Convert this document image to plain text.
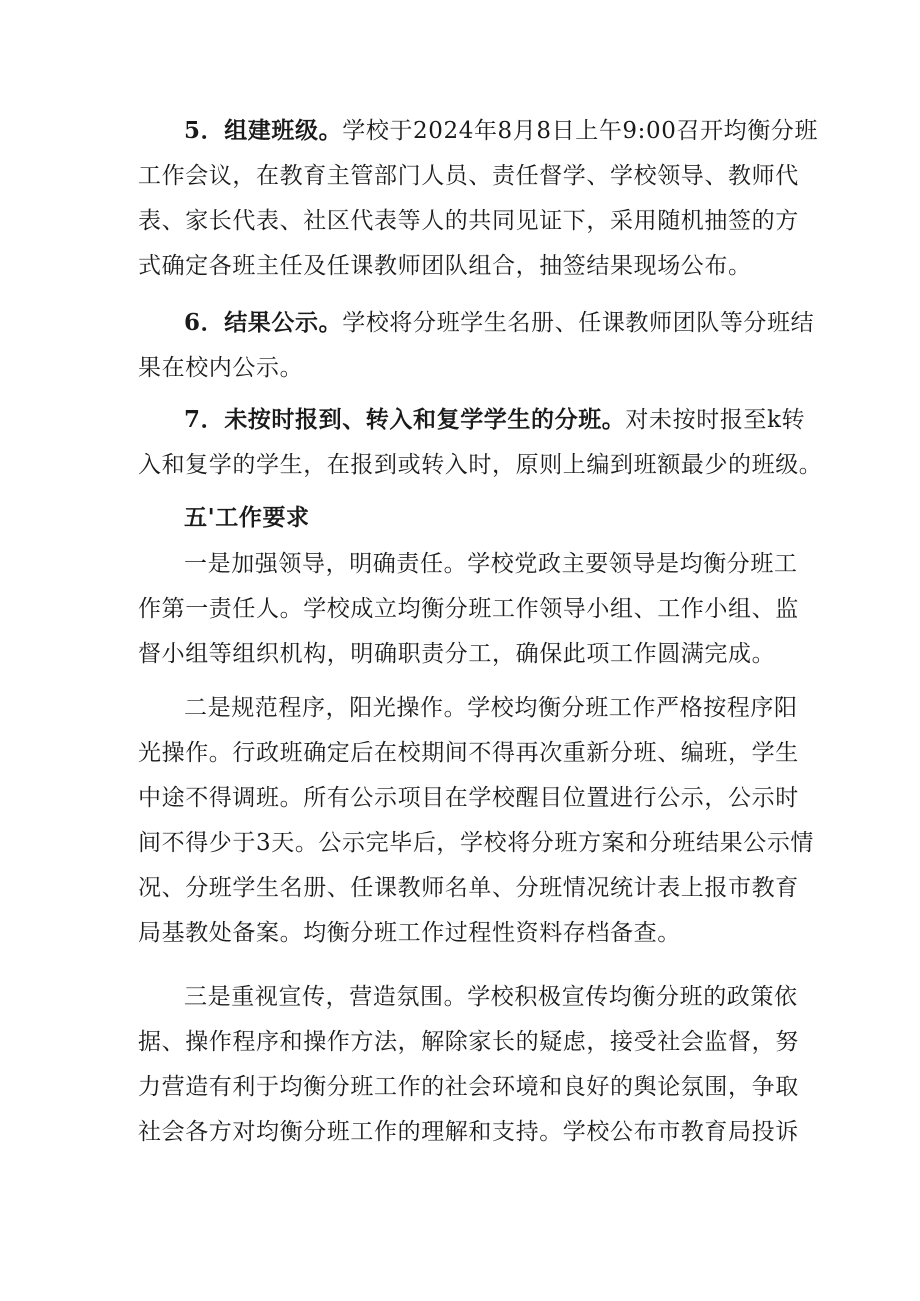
5．组建班级。学校于2024年8月8日上午9:00召开均衡分班
工作会议，在教育主管部门人员、责任督学、学校领导、教师代
表、家长代表、社区代表等人的共同见证下，采用随机抽签的方
式确定各班主任及任课教师团队组合，抽签结果现场公布。

6．结果公示。学校将分班学生名册、任课教师团队等分班结
果在校内公示。

7．未按时报到、转入和复学学生的分班。对未按时报至k转
入和复学的学生，在报到或转入时，原则上编到班额最少的班级。

五'工作要求

一是加强领导，明确责任。学校党政主要领导是均衡分班工
作第一责任人。学校成立均衡分班工作领导小组、工作小组、监
督小组等组织机构，明确职责分工，确保此项工作圆满完成。

二是规范程序，阳光操作。学校均衡分班工作严格按程序阳
光操作。行政班确定后在校期间不得再次重新分班、编班，学生
中途不得调班。所有公示项目在学校醒目位置进行公示，公示时
间不得少于3天。公示完毕后，学校将分班方案和分班结果公示情
况、分班学生名册、任课教师名单、分班情况统计表上报市教育
局基教处备案。均衡分班工作过程性资料存档备查。

三是重视宣传，营造氛围。学校积极宣传均衡分班的政策依
据、操作程序和操作方法，解除家长的疑虑，接受社会监督，努
力营造有利于均衡分班工作的社会环境和良好的舆论氛围，争取
社会各方对均衡分班工作的理解和支持。学校公布市教育局投诉
